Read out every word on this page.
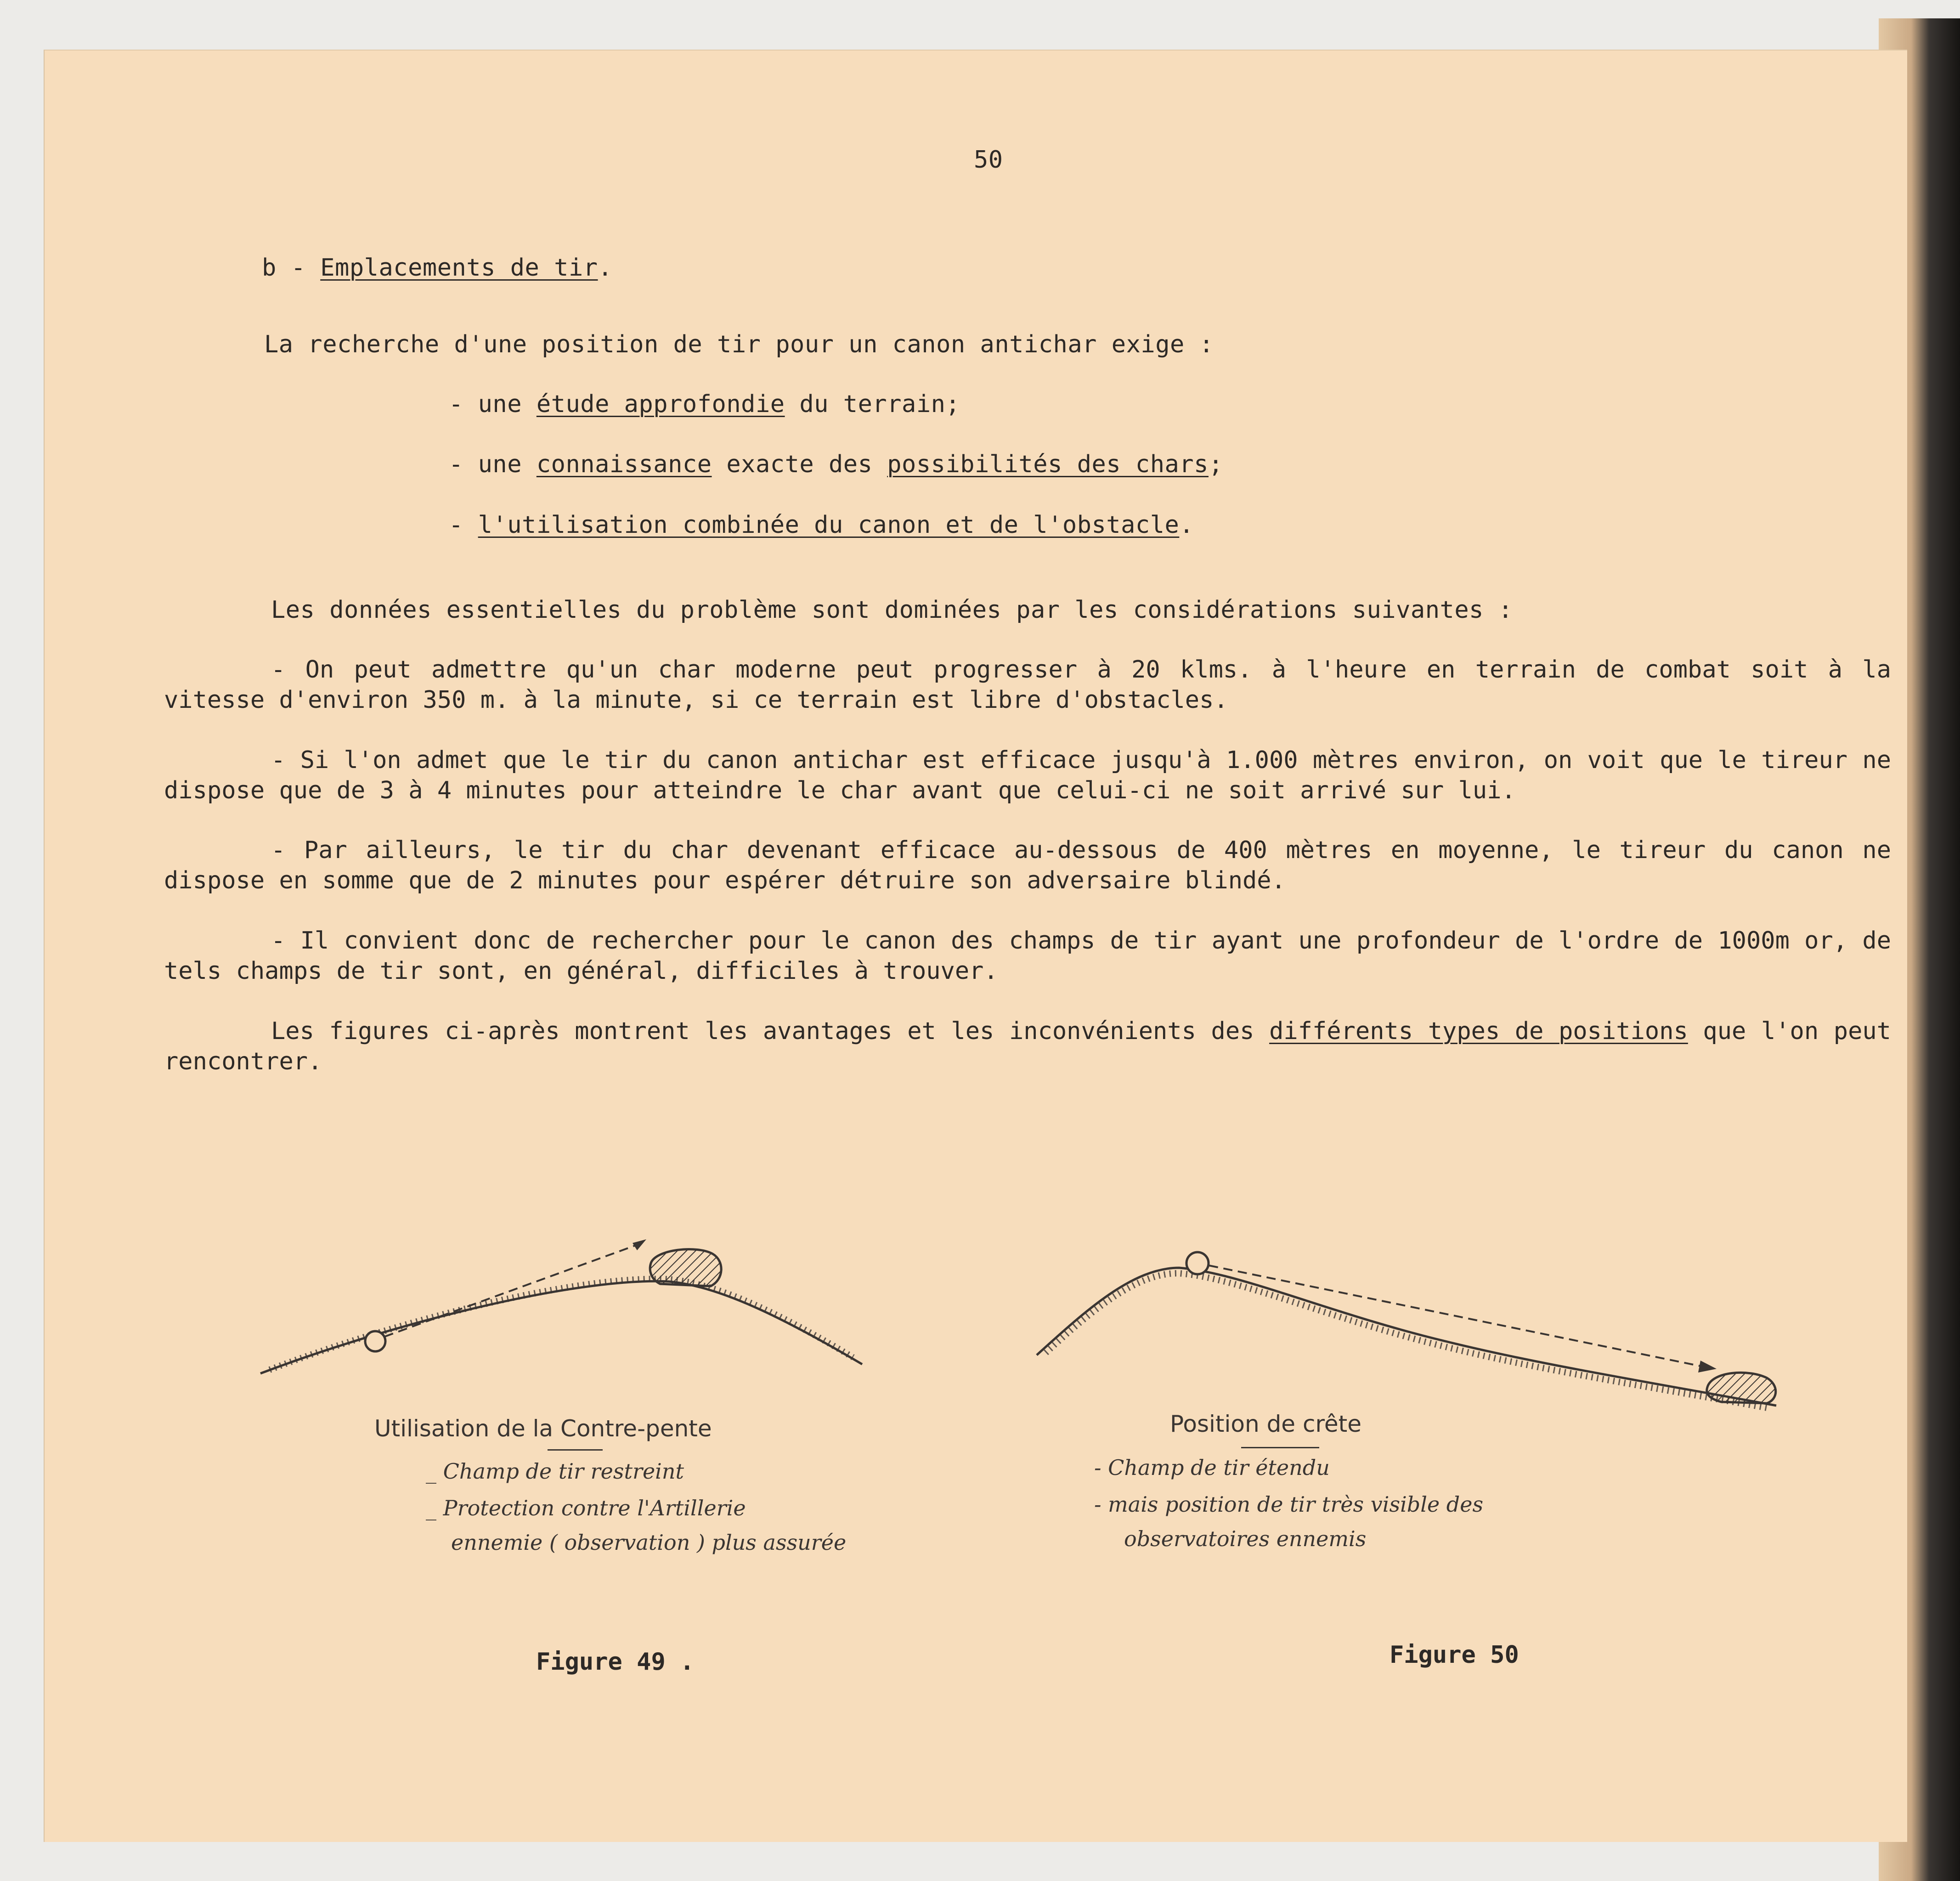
50
b - Emplacements de tir.
La recherche d'une position de tir pour un canon antichar exige :
- une étude approfondie du terrain;
- une connaissance exacte des possibilités des chars;
- l'utilisation combinée du canon et de l'obstacle.
Les données essentielles du problème sont dominées par les considérations suivantes :
- On peut admettre qu'un char moderne peut progresser à 20 klms. à l'heure en terrain de combat soit à la vitesse d'environ 350 m. à la minute, si ce terrain est libre d'obstacles.
- Si l'on admet que le tir du canon antichar est efficace jusqu'à 1.000 mètres environ, on voit que le tireur ne dispose que de 3 à 4 minutes pour atteindre le char avant que celui-ci ne soit arrivé sur lui.
- Par ailleurs, le tir du char devenant efficace au-dessous de 400 mètres en moyenne, le tireur du canon ne dispose en somme que de 2 minutes pour espérer détruire son adversaire blindé.
- Il convient donc de rechercher pour le canon des champs de tir ayant une profondeur de l'ordre de 1000m or, de tels champs de tir sont, en général, difficiles à trouver.
Les figures ci-après montrent les avantages et les inconvénients des différents types de positions que l'on peut rencontrer.
Utilisation de la Contre-pente
_ Champ de tir restreint
_ Protection contre l'Artillerie
ennemie ( observation ) plus assurée
Figure 49 .
Position de crête
- Champ de tir étendu
- mais position de tir très visible des
observatoires ennemis
Figure 50
